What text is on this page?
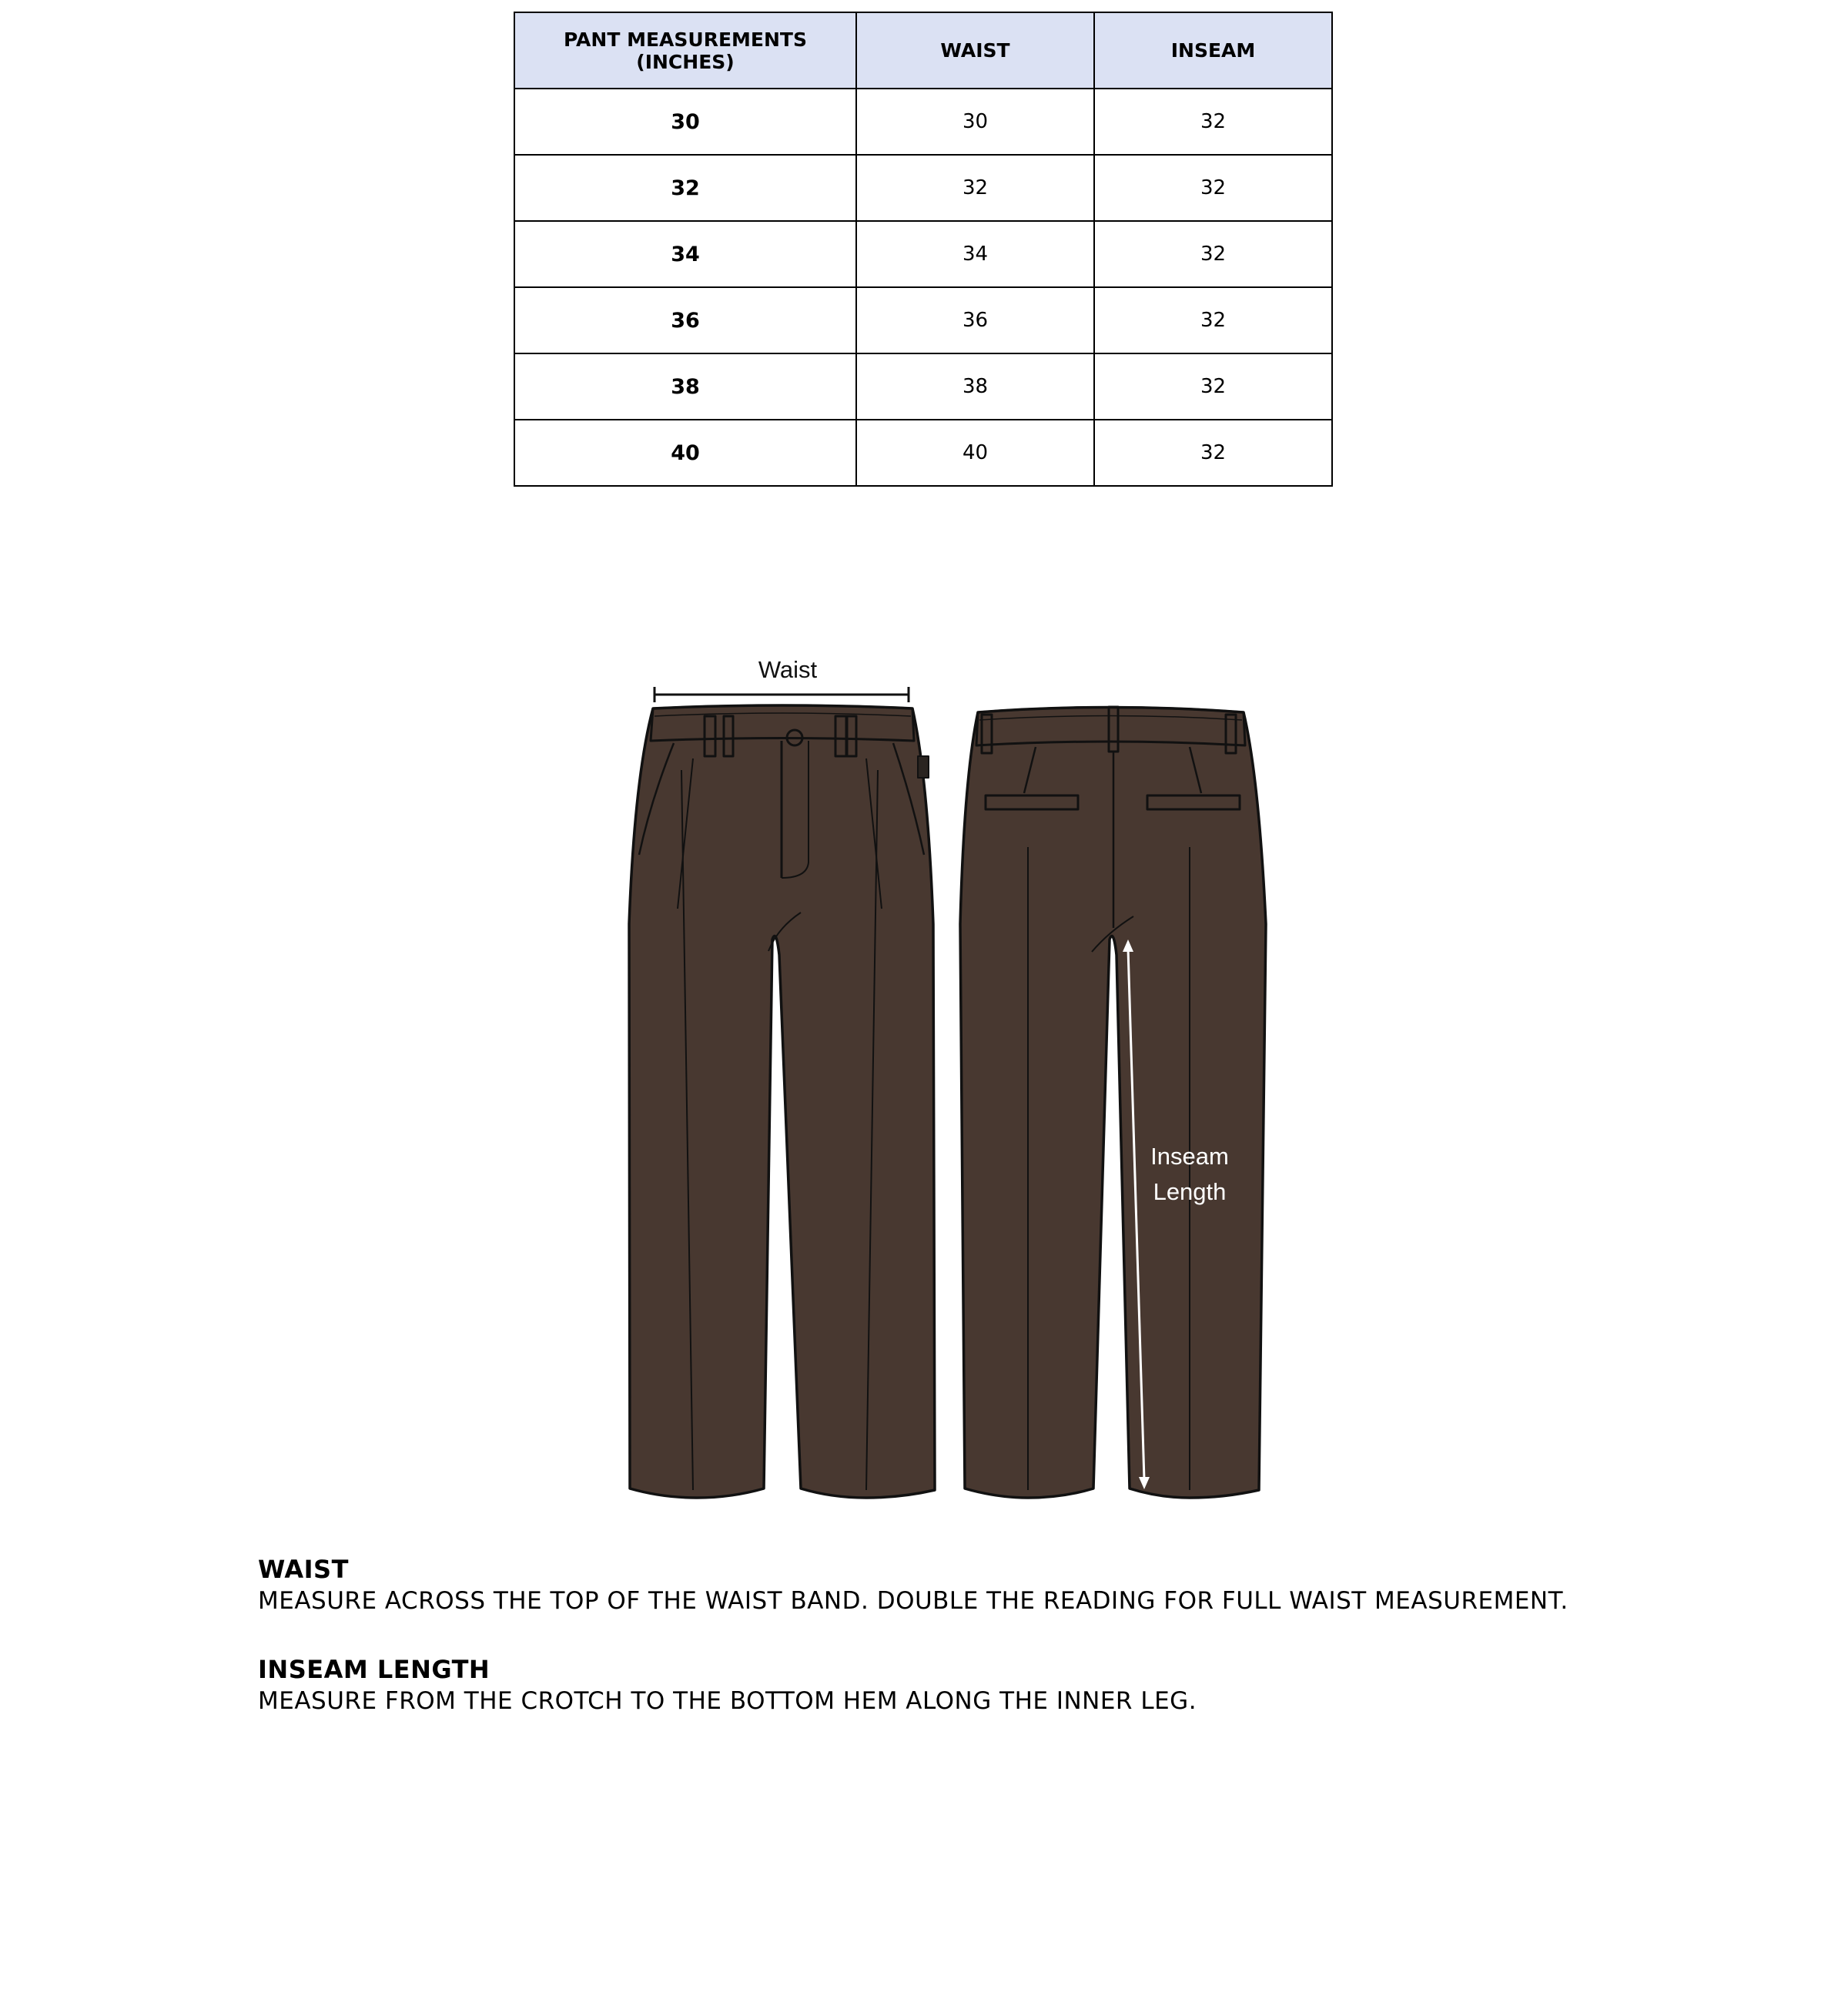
PANT MEASUREMENTS (INCHES)	WAIST	INSEAM
30	30	32
32	32	32
34	34	32
36	36	32
38	38	32
40	40	32
Waist
Inseam
Length
WAIST
MEASURE ACROSS THE TOP OF THE WAIST BAND. DOUBLE THE READING FOR FULL WAIST MEASUREMENT.
INSEAM LENGTH
MEASURE FROM THE CROTCH TO THE BOTTOM HEM ALONG THE INNER LEG.
